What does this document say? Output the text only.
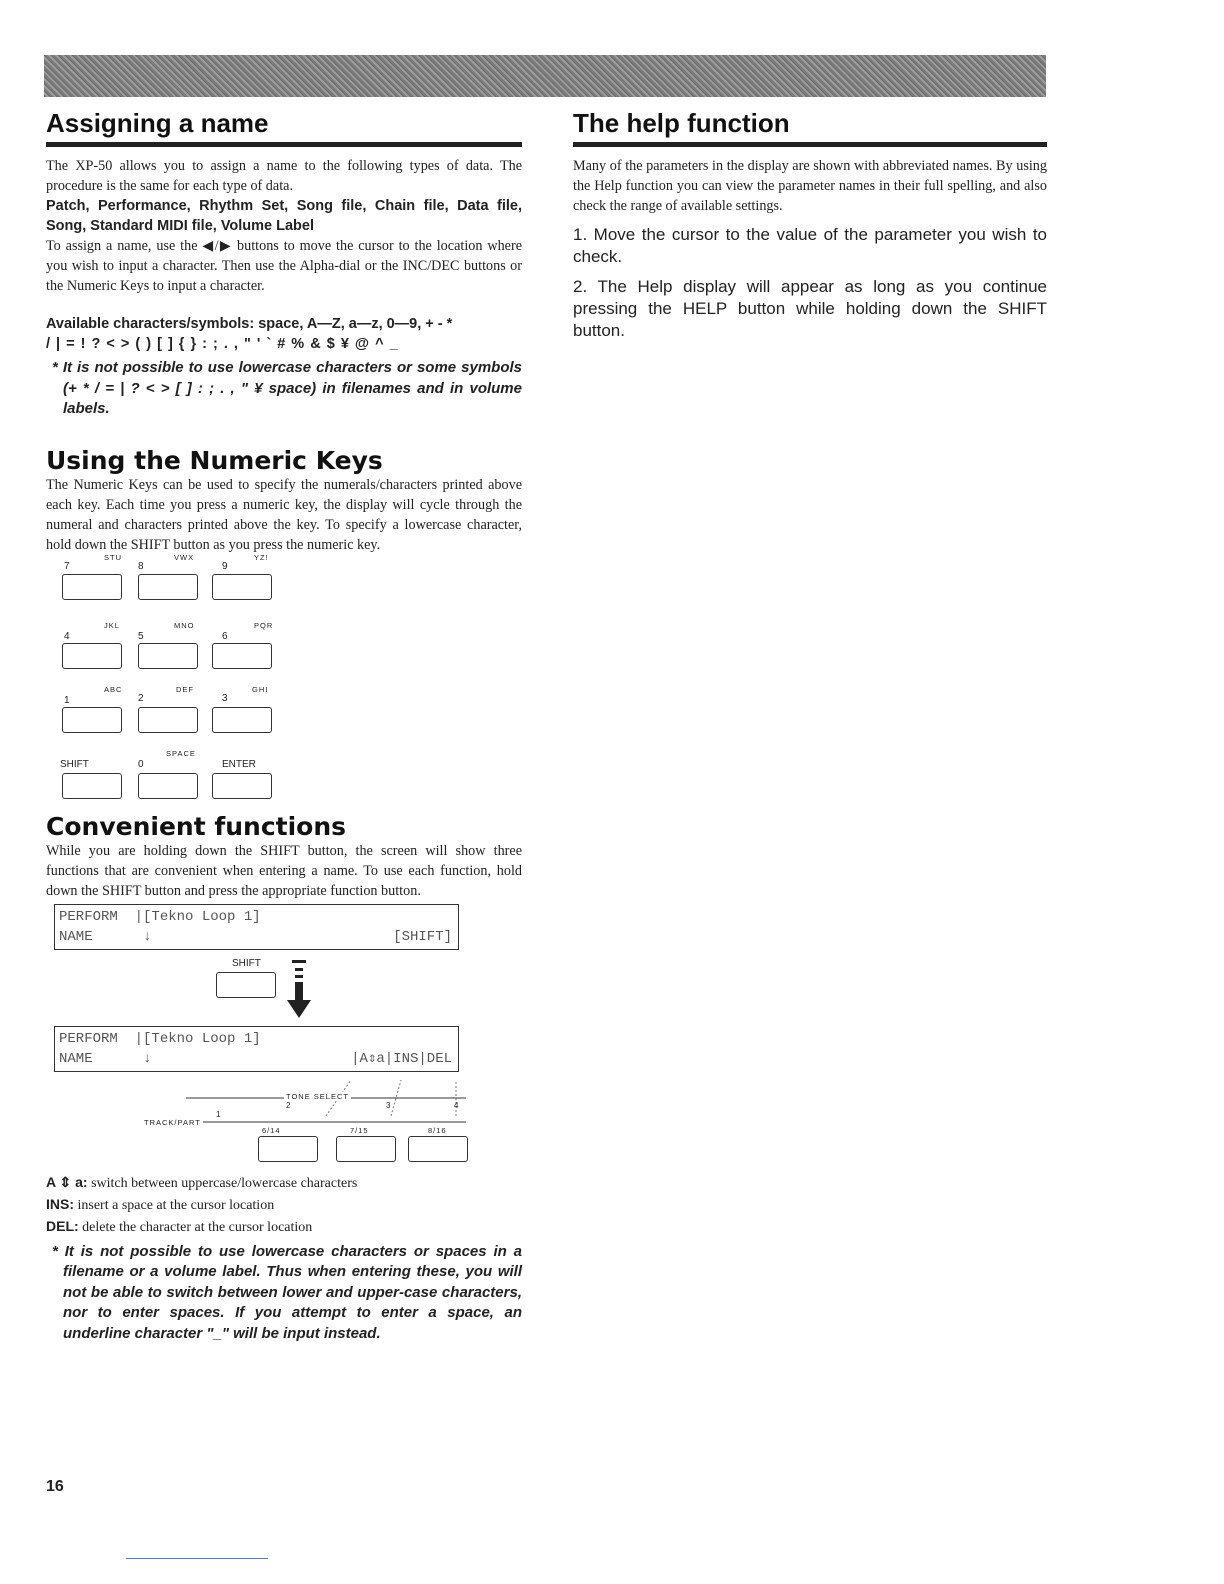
Assigning a name

The XP-50 allows you to assign a name to the following types of data. The procedure is the same for each type of data.

Patch, Performance, Rhythm Set, Song file, Chain file, Data file, Song, Standard MIDI file, Volume Label

To assign a name, use the ◀/▶ buttons to move the cursor to the location where you wish to input a character. Then use the Alpha-dial or the INC/DEC buttons or the Numeric Keys to input a character.

Available characters/symbols: space, A—Z, a—z, 0—9, + - *

/ | = ! ? < > ( ) [ ] { } : ; . , " ' ` # % & $ ¥ @ ^ _

* It is not possible to use lowercase characters or some symbols (+ * / = | ? < > [ ] : ; . , " ¥ space) in filenames and in volume labels.

Using the Numeric Keys

The Numeric Keys can be used to specify the numerals/characters printed above each key. Each time you press a numeric key, the display will cycle through the numeral and characters printed above the key. To specify a lowercase character, hold down the SHIFT button as you press the numeric key.

7
STU
8
VWX
9
YZ!
4
JKL
5
MNO
6
PQR
1
ABC
2
DEF
3
GHI
SHIFT	0
SPACE
ENTER
Convenient functions

While you are holding down the SHIFT button, the screen will show three functions that are convenient when entering a name. To use each function, hold down the SHIFT button and press the appropriate function button.

PERFORM  |[Tekno Loop 1]
NAME      ↓	[SHIFT]
SHIFT
PERFORM  |[Tekno Loop 1]
NAME      ↓	|A⇕a|INS|DEL
TONE SELECT
TRACK/PART
1
2	3	4
6/14	7/15	8/16

A ⇕ a: switch between uppercase/lowercase characters

INS: insert a space at the cursor location

DEL: delete the character at the cursor location

* It is not possible to use lowercase characters or spaces in a filename or a volume label. Thus when entering these, you will not be able to switch between lower and upper-case characters, nor to enter spaces. If you attempt to enter a space, an underline character "_" will be input instead.

The help function

Many of the parameters in the display are shown with abbreviated names. By using the Help function you can view the parameter names in their full spelling, and also check the range of available settings.

1. Move the cursor to the value of the parameter you wish to check.

2. The Help display will appear as long as you continue pressing the HELP button while holding down the SHIFT button.

16
